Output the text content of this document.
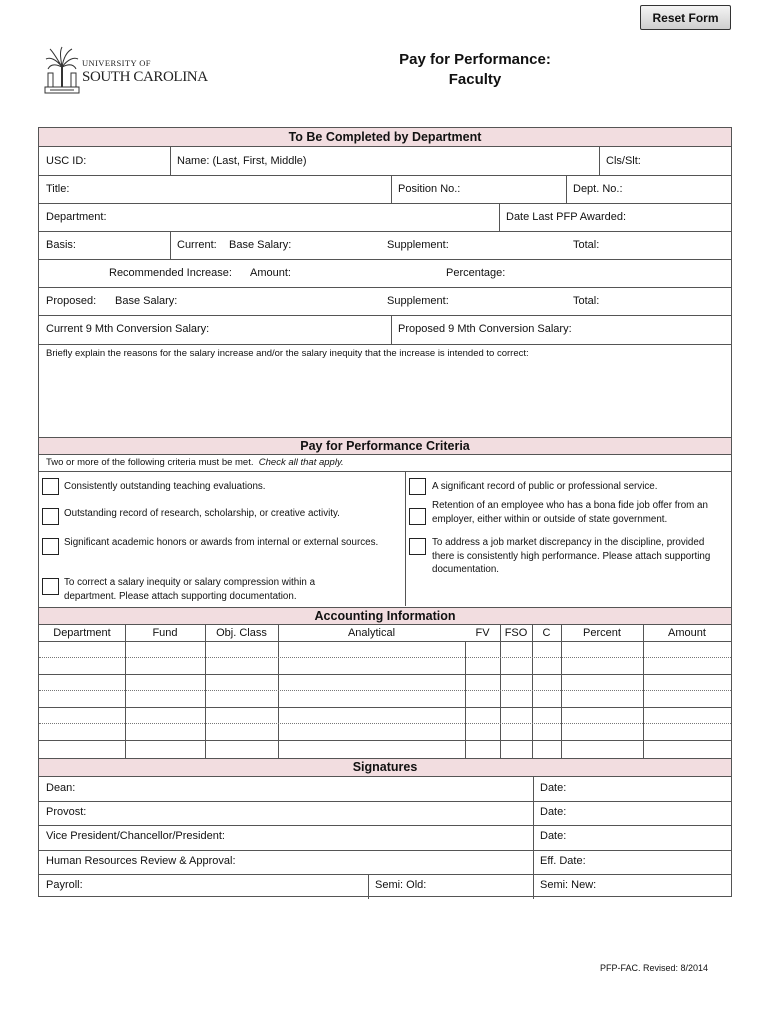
Reset Form
UNIVERSITY OF
SOUTH CAROLINA
Pay for Performance:
Faculty
To Be Completed by Department
USC ID:	Name: (Last, First, Middle)	Cls/Slt:
Title:	Position No.:	Dept. No.:
Department:	Date Last PFP Awarded:
Basis:	Current: Base Salary:	Supplement:	Total:
Recommended Increase: Amount:	Percentage:
Proposed: Base Salary:	Supplement:	Total:
Current 9 Mth Conversion Salary:	Proposed 9 Mth Conversion Salary:
Briefly explain the reasons for the salary increase and/or the salary inequity that the increase is intended to correct:
Pay for Performance Criteria
Two or more of the following criteria must be met. Check all that apply.
Consistently outstanding teaching evaluations.
Outstanding record of research, scholarship, or creative activity.
Significant academic honors or awards from internal or external sources.
To correct a salary inequity or salary compression within a department. Please attach supporting documentation.
A significant record of public or professional service.
Retention of an employee who has a bona fide job offer from an employer, either within or outside of state government.
To address a job market discrepancy in the discipline, provided there is consistently high performance. Please attach supporting documentation.
Accounting Information
Department	Fund	Obj. Class	Analytical	FV	FSO	C	Percent	Amount
Signatures
Dean:	Date:
Provost:	Date:
Vice President/Chancellor/President:	Date:
Human Resources Review & Approval:	Eff. Date:
Payroll:	Semi: Old:	Semi: New:
PFP-FAC. Revised: 8/2014
